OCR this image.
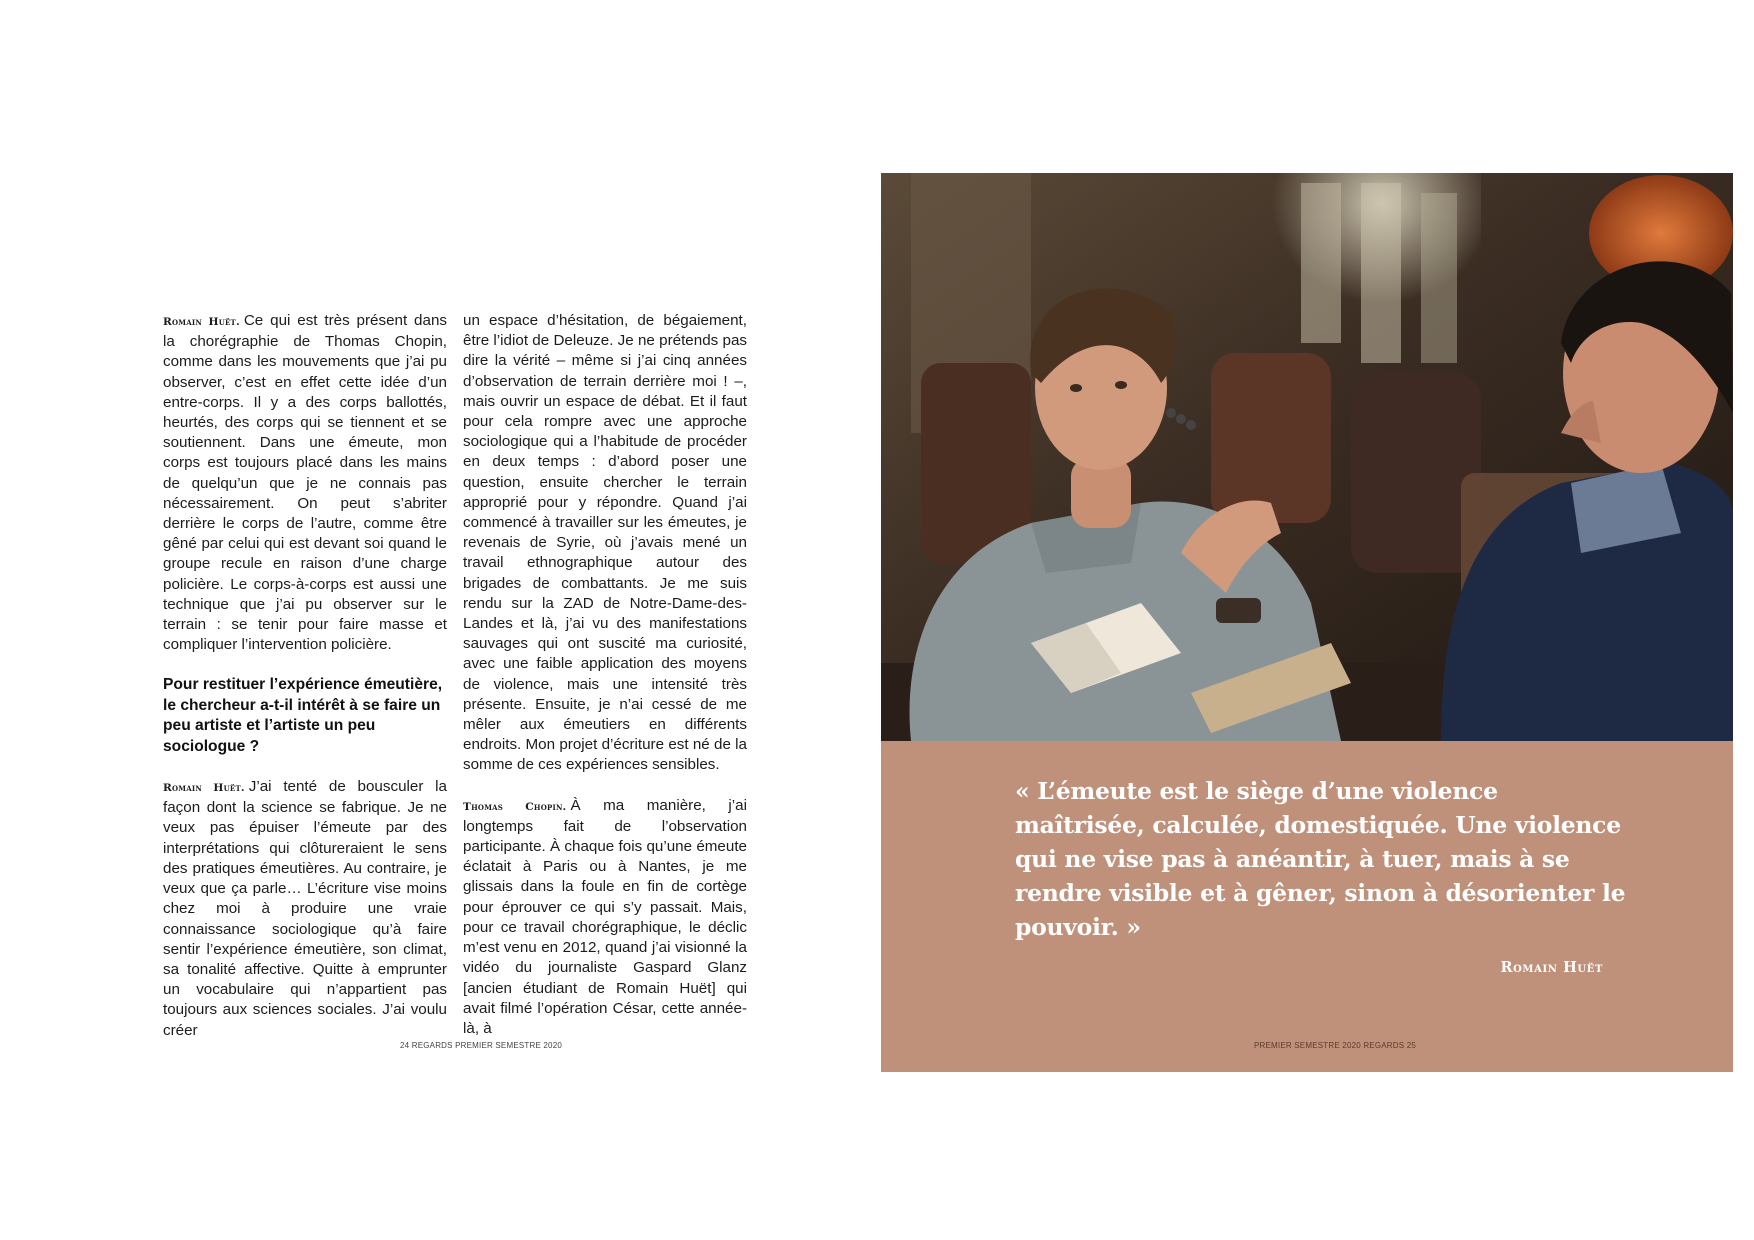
Romain Huët. Ce qui est très présent dans la chorégraphie de Thomas Chopin, comme dans les mouvements que j’ai pu observer, c’est en effet cette idée d’un entre-corps. Il y a des corps ballottés, heurtés, des corps qui se tiennent et se soutiennent. Dans une émeute, mon corps est toujours placé dans les mains de quelqu’un que je ne connais pas nécessairement. On peut s’abriter derrière le corps de l’autre, comme être gêné par celui qui est devant soi quand le groupe recule en raison d’une charge policière. Le corps-à-corps est aussi une technique que j’ai pu observer sur le terrain : se tenir pour faire masse et compliquer l’intervention policière.

Pour restituer l’expérience émeutière, le chercheur a-t-il intérêt à se faire un peu artiste et l’artiste un peu sociologue ?

Romain Huët. J’ai tenté de bousculer la façon dont la science se fabrique. Je ne veux pas épuiser l’émeute par des interprétations qui clôtureraient le sens des pratiques émeutières. Au contraire, je veux que ça parle… L’écriture vise moins chez moi à produire une vraie connaissance sociologique qu’à faire sentir l’expérience émeutière, son climat, sa tonalité affective. Quitte à emprunter un vocabulaire qui n’appartient pas toujours aux sciences sociales. J’ai voulu créer

un espace d’hésitation, de bégaiement, être l’idiot de Deleuze. Je ne prétends pas dire la vérité – même si j’ai cinq années d’observation de terrain derrière moi ! –, mais ouvrir un espace de débat. Et il faut pour cela rompre avec une approche sociologique qui a l’habitude de procéder en deux temps : d’abord poser une question, ensuite chercher le terrain approprié pour y répondre. Quand j’ai commencé à travailler sur les émeutes, je revenais de Syrie, où j’avais mené un travail ethnographique autour des brigades de combattants. Je me suis rendu sur la ZAD de Notre-Dame-des-Landes et là, j’ai vu des manifestations sauvages qui ont suscité ma curiosité, avec une faible application des moyens de violence, mais une intensité très présente. Ensuite, je n’ai cessé de me mêler aux émeutiers en différents endroits. Mon projet d’écriture est né de la somme de ces expériences sensibles.

Thomas Chopin. À ma manière, j’ai longtemps fait de l’observation participante. À chaque fois qu’une émeute éclatait à Paris ou à Nantes, je me glissais dans la foule en fin de cortège pour éprouver ce qui s’y passait. Mais, pour ce travail chorégraphique, le déclic m’est venu en 2012, quand j’ai visionné la vidéo du journaliste Gaspard Glanz [ancien étudiant de Romain Huët] qui avait filmé l’opération César, cette année-là, à

24 REGARDS PREMIER SEMESTRE 2020
« L’émeute est le siège d’une violence maîtrisée, calculée, domestiquée. Une violence qui ne vise pas à anéantir, à tuer, mais à se rendre visible et à gêner, sinon à désorienter le pouvoir. »
Romain Huët
PREMIER SEMESTRE 2020 REGARDS 25
